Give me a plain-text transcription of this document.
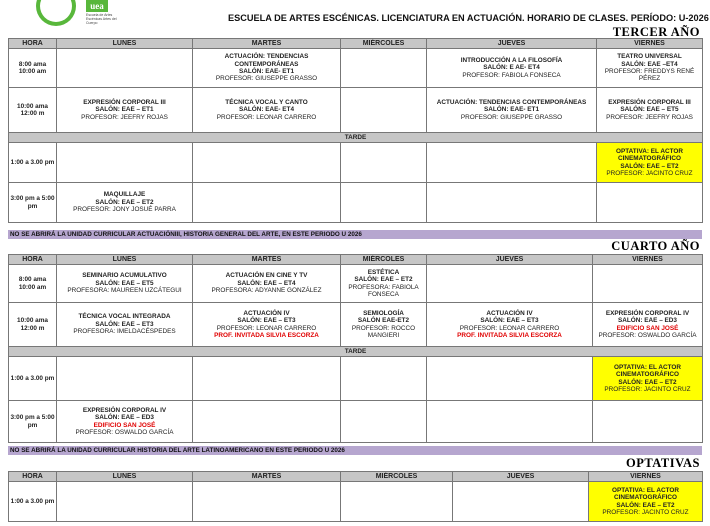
uea
Escuela de Artes Escénicas Artes del Cuerpo	ESCUELA DE ARTES ESCÉNICAS. LICENCIATURA EN ACTUACIÓN. HORARIO DE CLASES. PERÍODO: U-2026
TERCER AÑO
HORA	LUNES	MARTES	MIÉRCOLES	JUEVES	VIERNES
8:00 ama 10:00 am		ACTUACIÓN: TENDENCIAS CONTEMPORÁNEAS
SALÓN: EAE- ET1
PROFESOR: GIUSEPPE GRASSO		INTRODUCCIÓN A LA FILOSOFÍA
SALÓN: E AE- ET4
PROFESOR: FABIOLA FONSECA	TEATRO UNIVERSAL
SALÓN: EAE –ET4
PROFESOR: FREDDYS RENÉ PÉREZ

10:00 ama 12:00 m	EXPRESIÓN CORPORAL III
SALÓN: EAE – ET1
PROFESOR: JEEFRY ROJAS	TÉCNICA VOCAL Y CANTO
SALÓN: EAE- ET4
PROFESOR: LEONAR CARRERO		ACTUACIÓN: TENDENCIAS CONTEMPORÁNEAS
SALÓN: EAE- ET1
PROFESOR: GIUSEPPE GRASSO	EXPRESIÓN CORPORAL III
SALÓN: EAE – ET5
PROFESOR: JEEFRY ROJAS

TARDE					
1:00 a 3.00 pm					OPTATIVA: EL ACTOR CINEMATOGRÁFICO
SALÓN: EAE – ET2
PROFESOR: JACINTO CRUZ

3:00 pm a 5:00 pm	MAQUILLAJE
SALÓN: EAE – ET2
PROFESOR: JONY JOSUÉ PARRA				

NO SE ABRIRÁ LA UNIDAD CURRICULAR ACTUACIÓNIII, HISTORIA GENERAL DEL ARTE, EN ESTE PERIODO U 2026
CUARTO AÑO
HORA	LUNES	MARTES	MIÉRCOLES	JUEVES	VIERNES
8:00 ama 10:00 am	SEMINARIO ACUMULATIVO
SALÓN: EAE – ET5
PROFESORA: MAUREEN UZCÁTEGUI	ACTUACIÓN EN CINE Y TV
SALÓN: EAE – ET4
PROFESORA: ADYANNE GONZÁLEZ	ESTÉTICA
SALÓN: EAE – ET2
PROFESORA: FABIOLA FONSECA		

10:00 ama 12:00 m	TÉCNICA VOCAL INTEGRADA
SALÓN: EAE – ET3
PROFESORA: IMELDACÉSPEDES	ACTUACIÓN IV
SALÓN: EAE – ET3
PROFESOR: LEONAR CARRERO
PROF. INVITADA SILVIA ESCORZA	SEMIOLOGÍA
SALÓN EAE-ET2
PROFESOR: ROCCO MANGIERI	ACTUACIÓN IV
SALÓN: EAE – ET3
PROFESOR: LEONAR CARRERO
PROF. INVITADA SILVIA ESCORZA	EXPRESIÓN CORPORAL IV
SALÓN: EAE – ED3
EDIFICIO SAN JOSÉ
PROFESOR: OSWALDO GARCÍA

TARDE					
1:00 a 3.00 pm					OPTATIVA: EL ACTOR CINEMATOGRÁFICO
SALÓN: EAE – ET2
PROFESOR: JACINTO CRUZ

3:00 pm a 5:00 pm	EXPRESIÓN CORPORAL IV
SALÓN: EAE – ED3
EDIFICIO SAN JOSÉ
PROFESOR: OSWALDO GARCÍA				

NO SE ABRIRÁ LA UNIDAD CURRICULAR HISTORIA DEL ARTE LATINOAMERICANO EN ESTE PERIODO U 2026
OPTATIVAS
HORA	LUNES	MARTES	MIÉRCOLES	JUEVES	VIERNES
1:00 a 3.00 pm					OPTATIVA: EL ACTOR CINEMATOGRÁFICO
SALÓN: EAE – ET2
PROFESOR: JACINTO CRUZ
